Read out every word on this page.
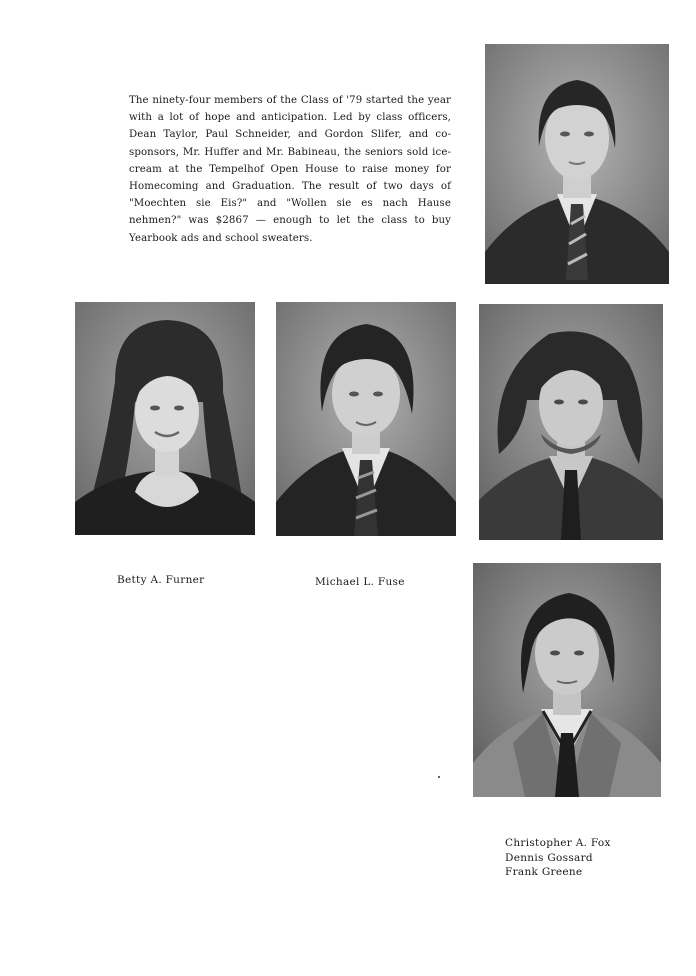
The ninety-four members of the Class of '79 started the year with a lot of hope and anticipation. Led by class officers, Dean Taylor, Paul Schneider, and Gordon Slifer, and co-sponsors, Mr. Huffer and Mr. Babineau, the seniors sold ice-cream at the Tempelhof Open House to raise money for Homecoming and Graduation. The result of two days of "Moechten sie Eis?" and "Wollen sie es nach Hause nehmen?" was $2867 — enough to let the class to buy Yearbook ads and school sweaters.

Betty A. Furner	Michael L. Fuse

Christopher A. Fox
Dennis Gossard
Frank Greene
